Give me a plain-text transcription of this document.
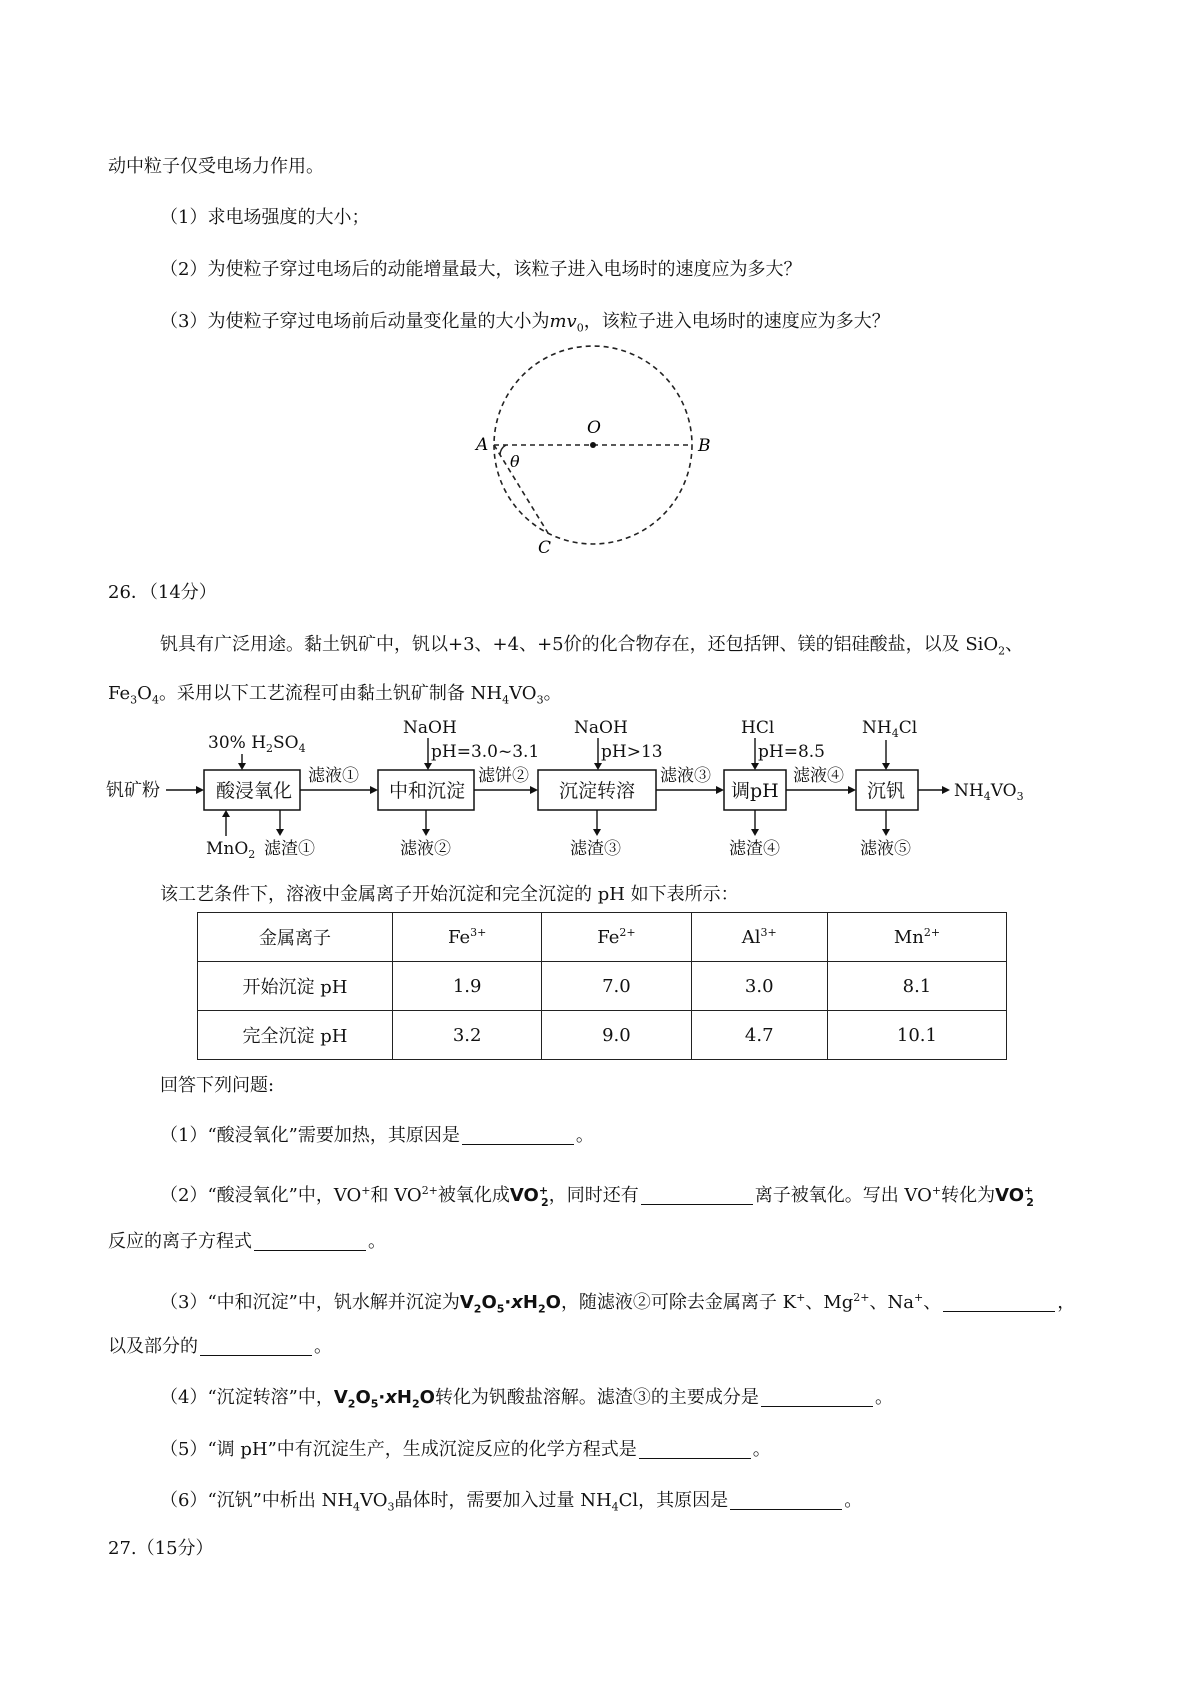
动中粒子仅受电场力作用。
（1）求电场强度的大小；
（2）为使粒子穿过电场后的动能增量最大，该粒子进入电场时的速度应为多大？
（3）为使粒子穿过电场前后动量变化量的大小为$mv_0$，该粒子进入电场时的速度应为多大？
O
A	B
C
θ
26．（14分）
钒具有广泛用途。黏土钒矿中，钒以+3、+4、+5价的化合物存在，还包括钾、镁的铝硅酸盐，以及 SiO$_2$、
$Fe_3O_4$。采用以下工艺流程可由黏土钒矿制备 $NH_4VO_3$。
钒矿粉	酸浸氧化
30% $H_2SO_4$
MnO$_2$ 滤渣①
滤液①
中和沉淀
NaOH
pH=3.0~3.1
滤液②
滤饼②
沉淀转溶
NaOH
pH>13
滤渣③
滤液③
调pH
HCl
pH=8.5
滤渣④
滤液④
沉钒
$NH_4Cl$
滤液⑤
$NH_4VO_3$
该工艺条件下，溶液中金属离子开始沉淀和完全沉淀的 pH 如下表所示：
金属离子	$Fe^{3+}$	$Fe^{2+}$	$Al^{3+}$	$Mn^{2+}$
开始沉淀 pH	1.9	7.0	3.0	8.1
完全沉淀 pH	3.2	9.0	4.7	10.1
回答下列问题:
（1）“酸浸氧化”需要加热，其原因是	。
（2）“酸浸氧化”中，VO+和 $VO^{2+}$被氧化成$VO^+_2$，同时还有	离子被氧化。写出 VO+转化为$VO^+_2$
反应的离子方程式	。
（3）“中和沉淀”中，钒水解并沉淀为$V_2O_5\cdot xH_2O$，随滤液②可除去金属离子 K+、$Mg^{2+}$、Na+、	，
以及部分的	。
（4）“沉淀转溶”中，$V_2O_5\cdot xH_2O$转化为钒酸盐溶解。滤渣③的主要成分是	。
（5）“调 pH”中有沉淀生产，生成沉淀反应的化学方程式是	。
（6）“沉钒”中析出 $NH_4VO_3$晶体时，需要加入过量 $NH_4Cl$，其原因是	。
27.（15分）
